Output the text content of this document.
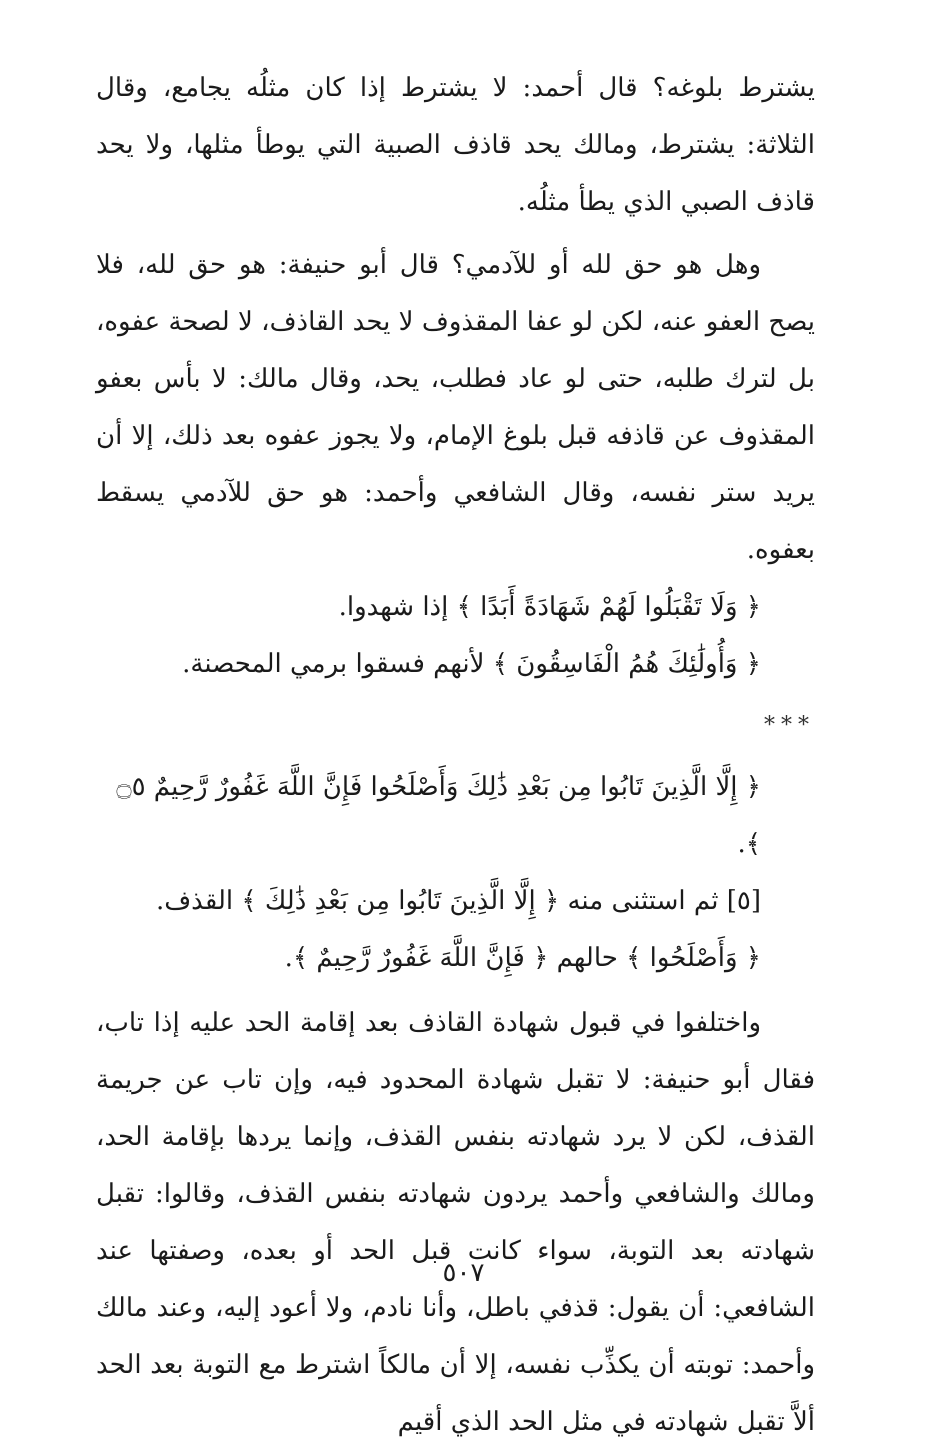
يشترط بلوغه؟ قال أحمد: لا يشترط إذا كان مثلُه يجامع، وقال الثلاثة: يشترط، ومالك يحد قاذف الصبية التي يوطأ مثلها، ولا يحد قاذف الصبي الذي يطأ مثلُه.

وهل هو حق لله أو للآدمي؟ قال أبو حنيفة: هو حق لله، فلا يصح العفو عنه، لكن لو عفا المقذوف لا يحد القاذف، لا لصحة عفوه، بل لترك طلبه، حتى لو عاد فطلب، يحد، وقال مالك: لا بأس بعفو المقذوف عن قاذفه قبل بلوغ الإمام، ولا يجوز عفوه بعد ذلك، إلا أن يريد ستر نفسه، وقال الشافعي وأحمد: هو حق للآدمي يسقط بعفوه.

﴿ وَلَا تَقْبَلُوا لَهُمْ شَهَادَةً أَبَدًا ﴾ إذا شهدوا.

﴿ وَأُولَٰئِكَ هُمُ الْفَاسِقُونَ ﴾ لأنهم فسقوا برمي المحصنة.

***

﴿ إِلَّا الَّذِينَ تَابُوا مِن بَعْدِ ذَٰلِكَ وَأَصْلَحُوا فَإِنَّ اللَّهَ غَفُورٌ رَّحِيمٌ ۝٥ ﴾.

[٥] ثم استثنى منه ﴿ إِلَّا الَّذِينَ تَابُوا مِن بَعْدِ ذَٰلِكَ ﴾ القذف.

﴿ وَأَصْلَحُوا ﴾ حالهم ﴿ فَإِنَّ اللَّهَ غَفُورٌ رَّحِيمٌ ﴾.

واختلفوا في قبول شهادة القاذف بعد إقامة الحد عليه إذا تاب، فقال أبو حنيفة: لا تقبل شهادة المحدود فيه، وإن تاب عن جريمة القذف، لكن لا يرد شهادته بنفس القذف، وإنما يردها بإقامة الحد، ومالك والشافعي وأحمد يردون شهادته بنفس القذف، وقالوا: تقبل شهادته بعد التوبة، سواء كانت قبل الحد أو بعده، وصفتها عند الشافعي: أن يقول: قذفي باطل، وأنا نادم، ولا أعود إليه، وعند مالك وأحمد: توبته أن يكذِّب نفسه، إلا أن مالكاً اشترط مع التوبة بعد الحد ألاَّ تقبل شهادته في مثل الحد الذي أقيم

٥٠٧
